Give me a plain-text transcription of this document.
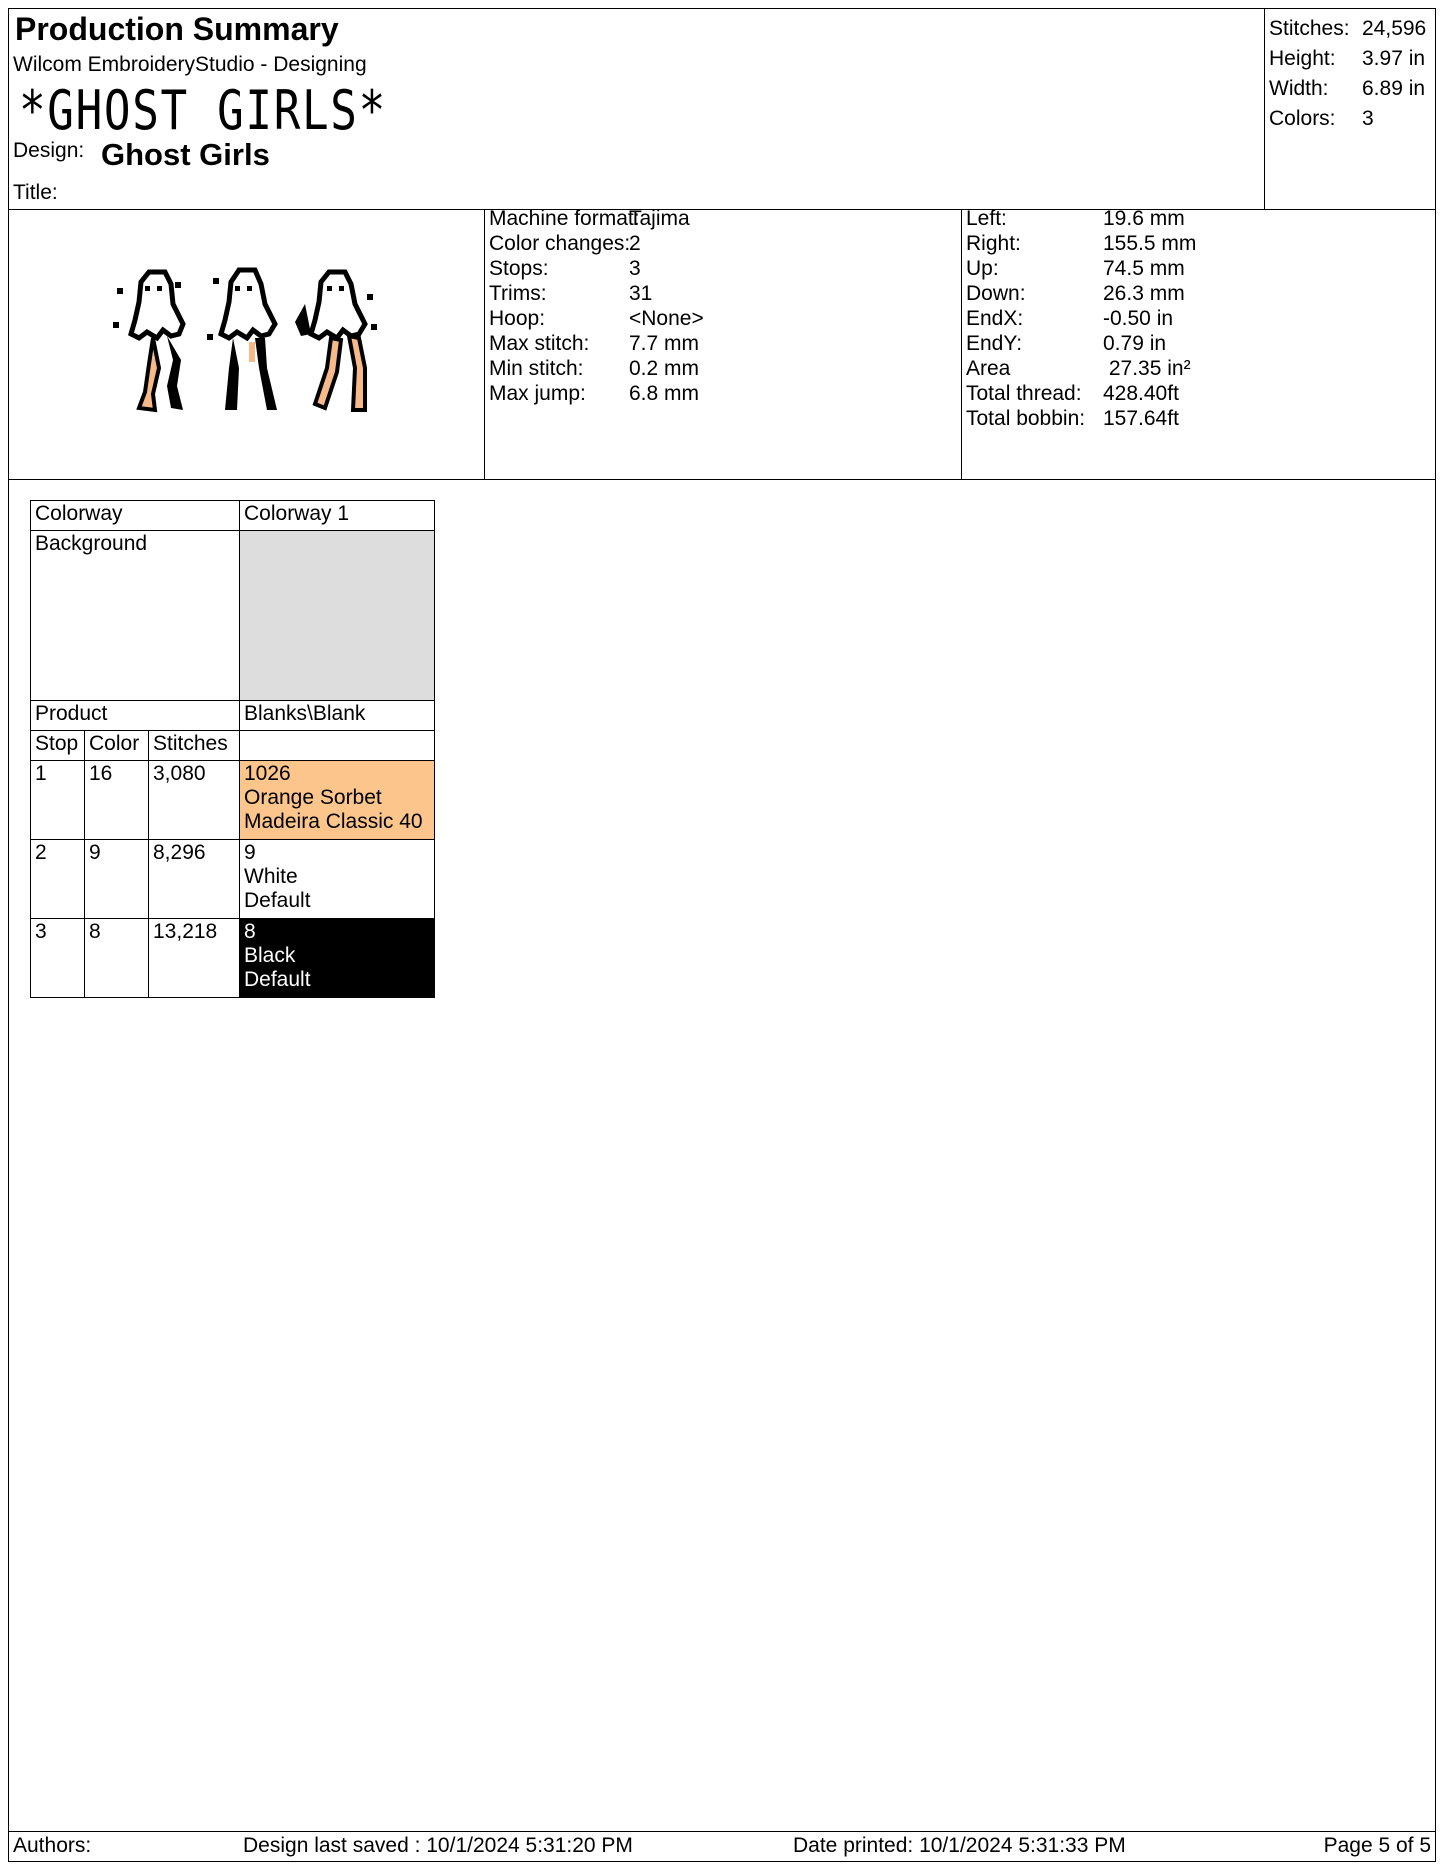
Production Summary
Wilcom EmbroideryStudio - Designing
*GHOST GIRLS*
Design: Ghost Girls
Title:
Stitches: 24,596
Height: 3.97 in
Width: 6.89 in
Colors: 3
Machine format:
Tajima
Color changes:
2
Stops:	3
Trims:	31
Hoop:	<None>
Max stitch: 7.7 mm
Min stitch: 0.2 mm
Max jump: 6.8 mm
Left:	19.6 mm
Right:	155.5 mm
Up:	74.5 mm
Down:	26.3 mm
EndX:	-0.50 in
EndY:	0.79 in
Area	27.35 in²
Total thread: 428.40ft
Total bobbin: 157.64ft
Colorway			Colorway 1
Background			
Product			Blanks\Blank
Stop	Color	Stitches	
1	16	3,080	1026
Orange Sorbet
Madeira Classic 40

2	9	8,296	9
White
Default

3	8	13,218	8
Black
Default
Authors:	Design last saved : 10/1/2024 5:31:20 PM	Date printed: 10/1/2024 5:31:33 PM	Page 5 of 5
